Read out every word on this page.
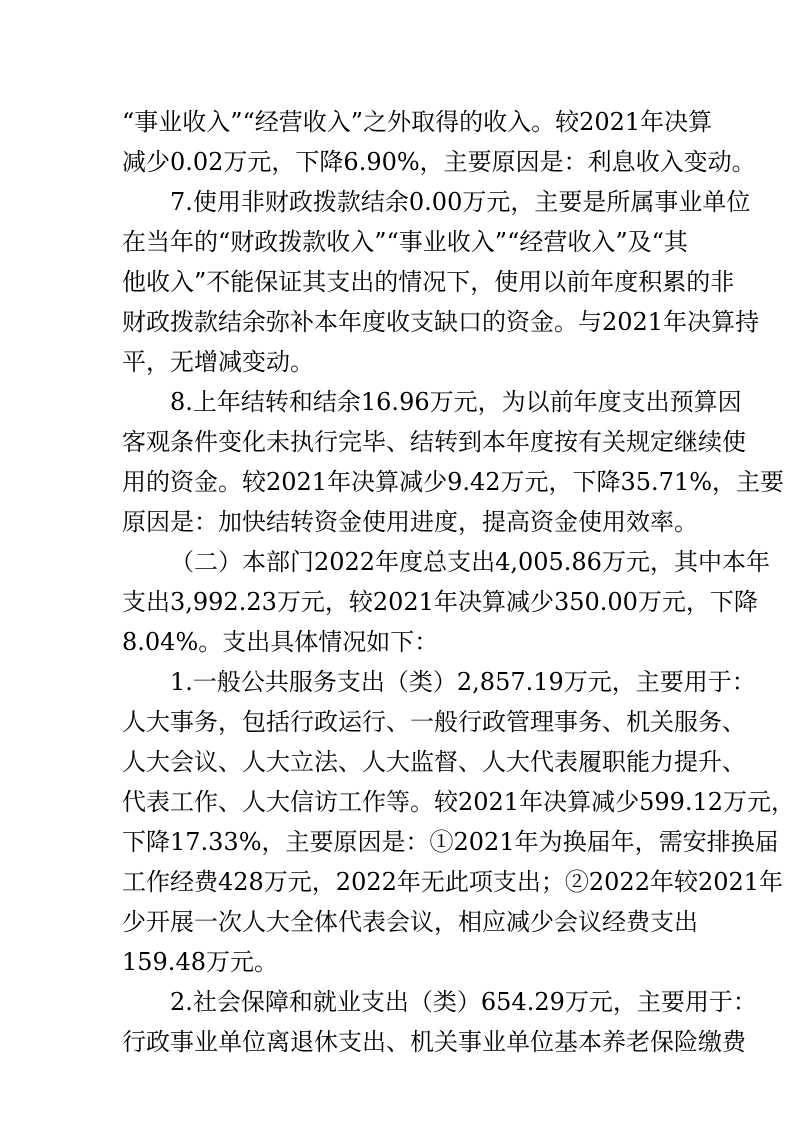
“事业收入”“经营收入”之外取得的收入。较2021年决算
减少0.02万元，下降6.90%，主要原因是：利息收入变动。
7.使用非财政拨款结余0.00万元，主要是所属事业单位
在当年的“财政拨款收入”“事业收入”“经营收入”及“其
他收入”不能保证其支出的情况下，使用以前年度积累的非
财政拨款结余弥补本年度收支缺口的资金。与2021年决算持
平，无增减变动。
8.上年结转和结余16.96万元，为以前年度支出预算因
客观条件变化未执行完毕、结转到本年度按有关规定继续使
用的资金。较2021年决算减少9.42万元，下降35.71%，主要
原因是：加快结转资金使用进度，提高资金使用效率。
（二）本部门2022年度总支出4,005.86万元，其中本年
支出3,992.23万元，较2021年决算减少350.00万元，下降
8.04%。支出具体情况如下：
1.一般公共服务支出（类）2,857.19万元，主要用于：
人大事务，包括行政运行、一般行政管理事务、机关服务、
人大会议、人大立法、人大监督、人大代表履职能力提升、
代表工作、人大信访工作等。较2021年决算减少599.12万元，
下降17.33%，主要原因是：①2021年为换届年，需安排换届
工作经费428万元，2022年无此项支出；②2022年较2021年
少开展一次人大全体代表会议，相应减少会议经费支出
159.48万元。
2.社会保障和就业支出（类）654.29万元，主要用于：
行政事业单位离退休支出、机关事业单位基本养老保险缴费
